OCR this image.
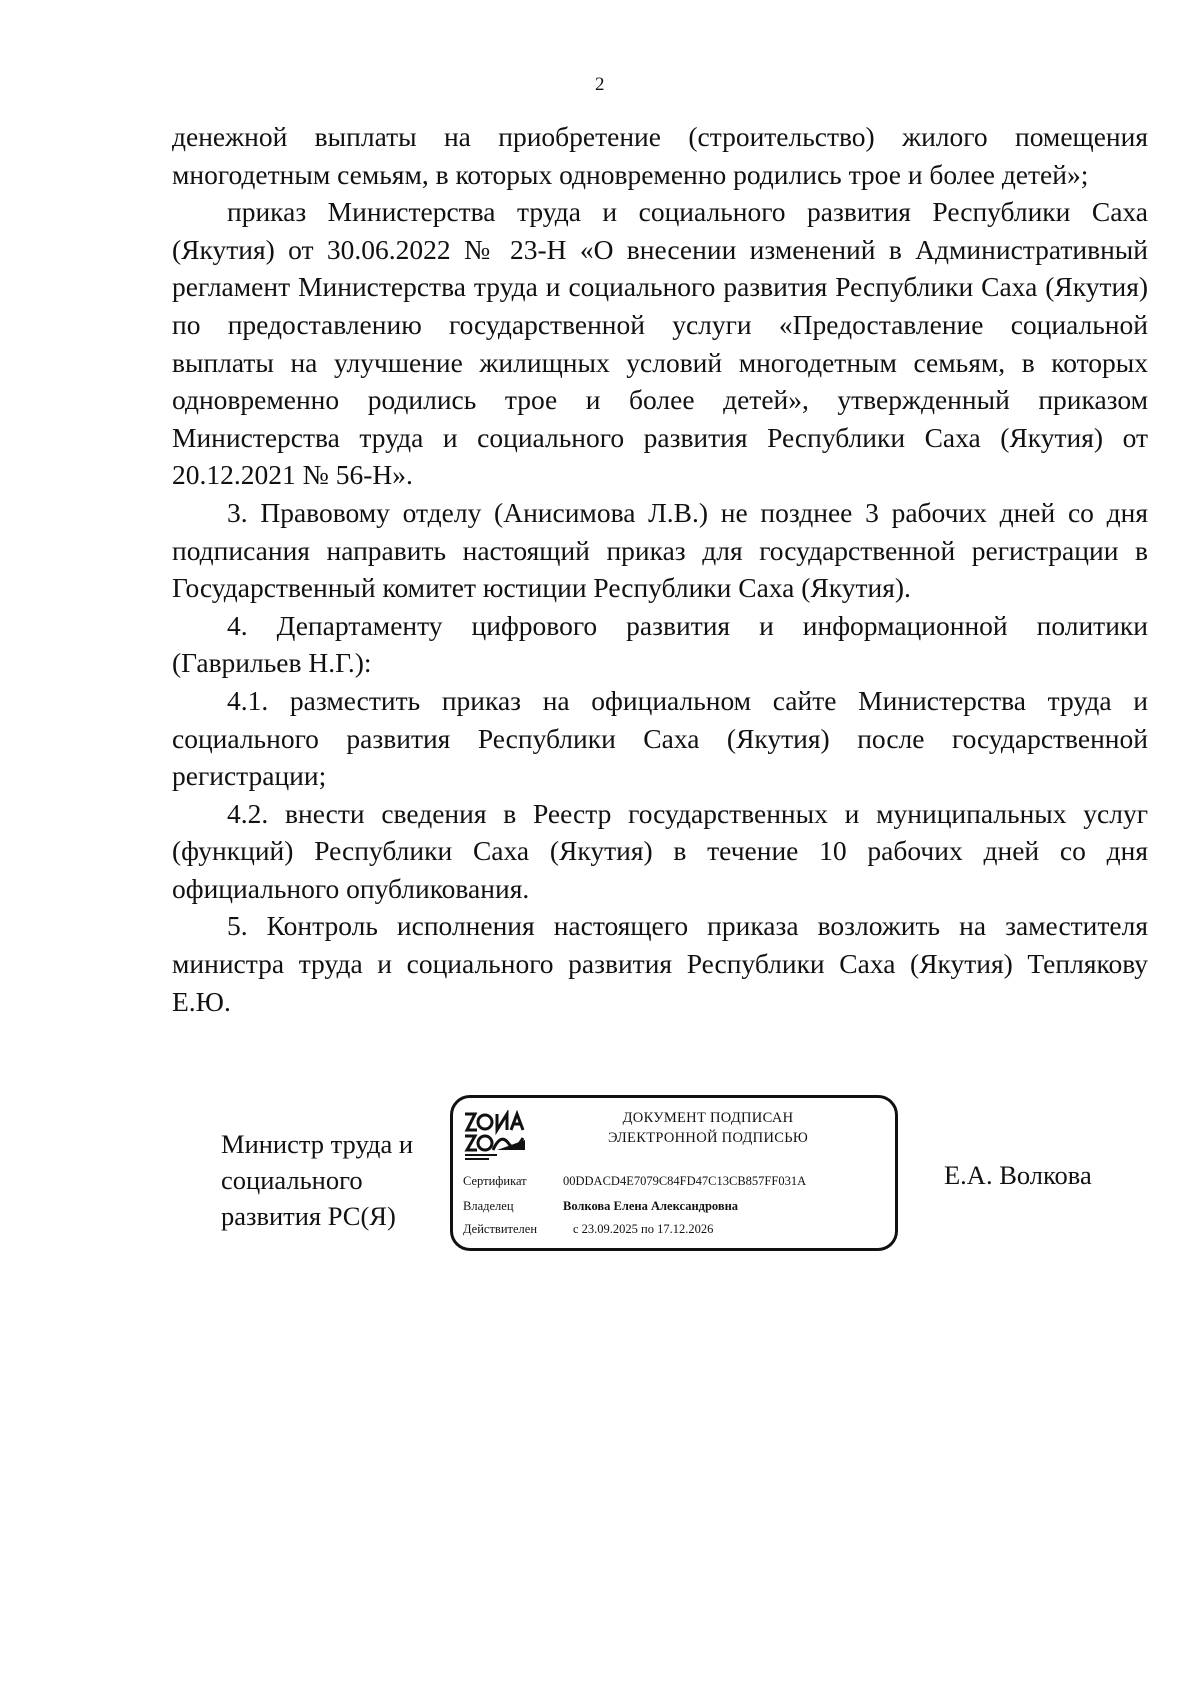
2

денежной выплаты на приобретение (строительство) жилого помещения многодетным семьям, в которых одновременно родились трое и более детей»;

приказ Министерства труда и социального развития Республики Саха (Якутия) от 30.06.2022 № 23-Н «О внесении изменений в Административный регламент Министерства труда и социального развития Республики Саха (Якутия) по предоставлению государственной услуги «Предоставление социальной выплаты на улучшение жилищных условий многодетным семьям, в которых одновременно родились трое и более детей», утвержденный приказом Министерства труда и социального развития Республики Саха (Якутия) от 20.12.2021 № 56-Н».

3. Правовому отделу (Анисимова Л.В.) не позднее 3 рабочих дней со дня подписания направить настоящий приказ для государственной регистрации в Государственный комитет юстиции Республики Саха (Якутия).

4. Департаменту цифрового развития и информационной политики (Гаврильев Н.Г.):

4.1. разместить приказ на официальном сайте Министерства труда и социального развития Республики Саха (Якутия) после государственной регистрации;

4.2. внести сведения в Реестр государственных и муниципальных услуг (функций) Республики Саха (Якутия) в течение 10 рабочих дней со дня официального опубликования.

5. Контроль исполнения настоящего приказа возложить на заместителя министра труда и социального развития Республики Саха (Якутия) Теплякову Е.Ю.

Министр труда и
социального
развития РС(Я)
ДОКУМЕНТ ПОДПИСАН
ЭЛЕКТРОННОЙ ПОДПИСЬЮ
Сертификат	00DDACD4E7079C84FD47C13CB857FF031A
Владелец	Волкова Елена Александровна
Действителен	с 23.09.2025 по 17.12.2026
Е.А. Волкова
